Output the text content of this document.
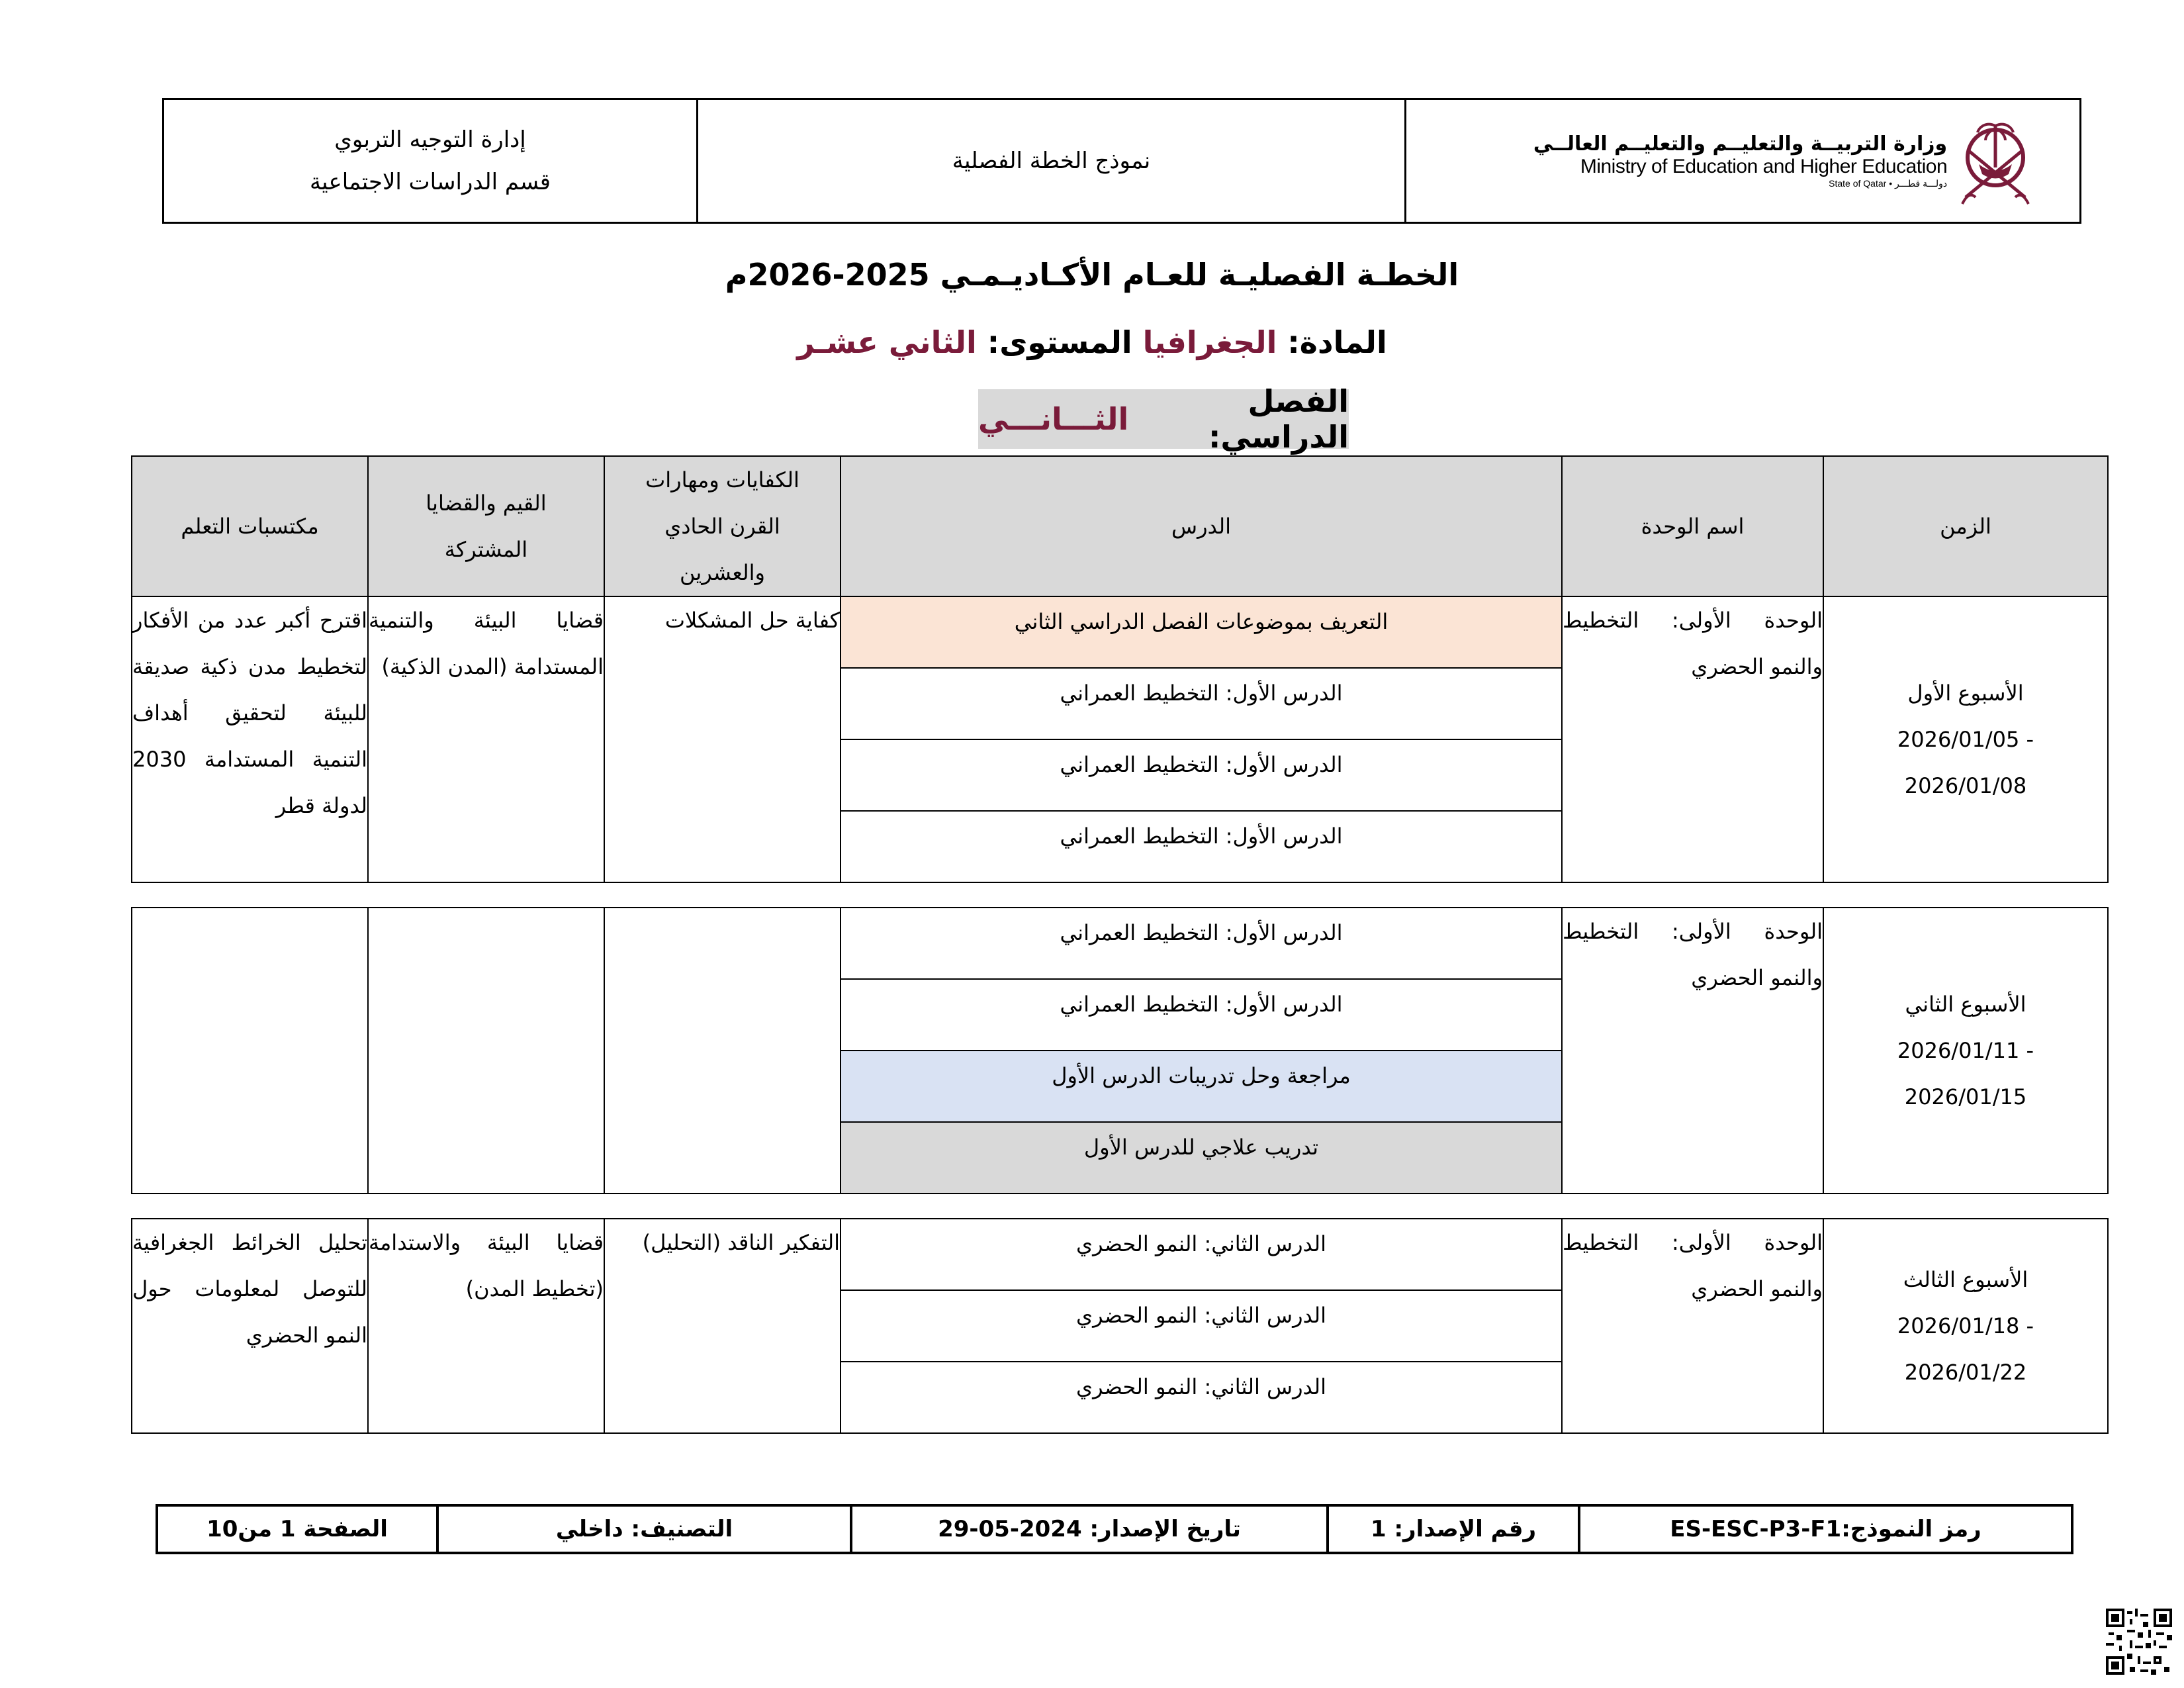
وزارة التربيــة والتعليــم والتعليــم العالــي
Ministry of Education and Higher Education
State of Qatar • دولـــة قطـــر
نموذج الخطة الفصلية
إدارة التوجيه التربوي
قسم الدراسات الاجتماعية
الخطـة الفصليـة للعـام الأكـاديـمـي 2025-2026م
المادة: الجغرافيا المستوى: الثاني عشـر
الفصل الدراسي:
الثـــانـــي
الزمن	اسم الوحدة	الدرس	الكفايات ومهارات القرن الحادي والعشرين	القيم والقضايا المشتركة	مكتسبات التعلم

الأسبوع الأول
2026/01/05 -
2026/01/08	الوحدة الأولى: التخطيط والنمو الحضري	التعريف بموضوعات الفصل الدراسي الثاني	كفاية حل المشكلات	قضايا البيئة والتنمية المستدامة (المدن الذكية)	اقترح أكبر عدد من الأفكار لتخطيط مدن ذكية صديقة للبيئة لتحقيق أهداف التنمية المستدامة 2030 لدولة قطر
		الدرس الأول: التخطيط العمراني			
		الدرس الأول: التخطيط العمراني			
		الدرس الأول: التخطيط العمراني			
الأسبوع الثاني
2026/01/11 -
2026/01/15
	الوحدة الأولى: التخطيط والنمو الحضري	الدرس الأول: التخطيط العمراني			
الدرس الأول: التخطيط العمراني
مراجعة وحل تدريبات الدرس الأول
تدريب علاجي للدرس الأول
الأسبوع الثالث
2026/01/18 -
2026/01/22
	الوحدة الأولى: التخطيط والنمو الحضري	الدرس الثاني: النمو الحضري	التفكير الناقد (التحليل)	قضايا البيئة والاستدامة (تخطيط المدن)	تحليل الخرائط الجغرافية للتوصل لمعلومات حول النمو الحضري
الدرس الثاني: النمو الحضري
الدرس الثاني: النمو الحضري
رمز النموذج:ES-ESC-P3-F1
رقم الإصدار: 1
تاريخ الإصدار: 2024-05-29
التصنيف: داخلي
الصفحة 1 من10
